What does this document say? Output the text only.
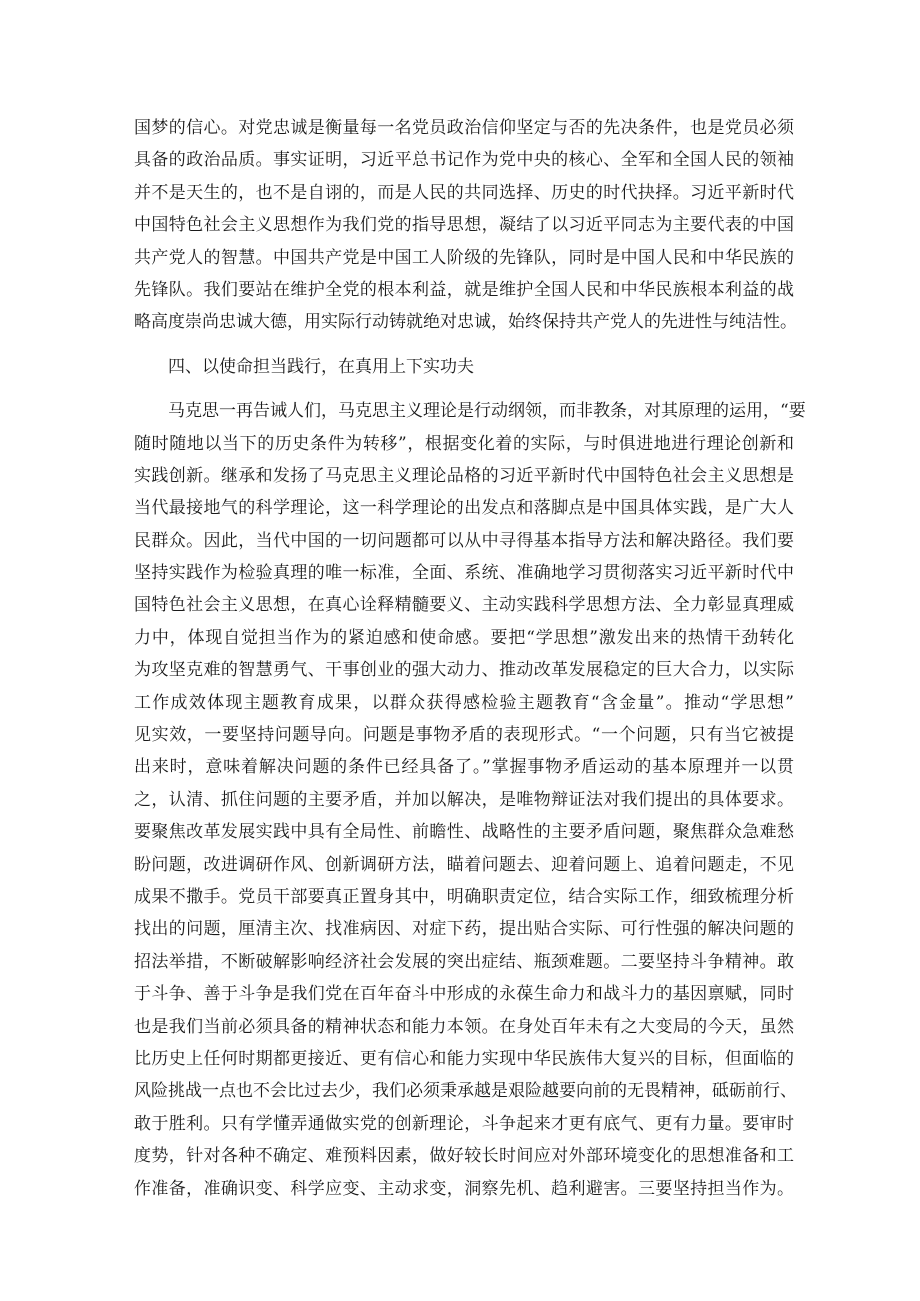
国梦的信心。对党忠诚是衡量每一名党员政治信仰坚定与否的先决条件，也是党员必须
具备的政治品质。事实证明，习近平总书记作为党中央的核心、全军和全国人民的领袖
并不是天生的，也不是自诩的，而是人民的共同选择、历史的时代抉择。习近平新时代
中国特色社会主义思想作为我们党的指导思想，凝结了以习近平同志为主要代表的中国
共产党人的智慧。中国共产党是中国工人阶级的先锋队，同时是中国人民和中华民族的
先锋队。我们要站在维护全党的根本利益，就是维护全国人民和中华民族根本利益的战
略高度崇尚忠诚大德，用实际行动铸就绝对忠诚，始终保持共产党人的先进性与纯洁性。
四、以使命担当践行，在真用上下实功夫
马克思一再告诫人们，马克思主义理论是行动纲领，而非教条，对其原理的运用，“要
随时随地以当下的历史条件为转移”，根据变化着的实际，与时俱进地进行理论创新和
实践创新。继承和发扬了马克思主义理论品格的习近平新时代中国特色社会主义思想是
当代最接地气的科学理论，这一科学理论的出发点和落脚点是中国具体实践，是广大人
民群众。因此，当代中国的一切问题都可以从中寻得基本指导方法和解决路径。我们要
坚持实践作为检验真理的唯一标准，全面、系统、准确地学习贯彻落实习近平新时代中
国特色社会主义思想，在真心诠释精髓要义、主动实践科学思想方法、全力彰显真理威
力中，体现自觉担当作为的紧迫感和使命感。要把“学思想”激发出来的热情干劲转化
为攻坚克难的智慧勇气、干事创业的强大动力、推动改革发展稳定的巨大合力，以实际
工作成效体现主题教育成果，以群众获得感检验主题教育“含金量”。推动“学思想”
见实效，一要坚持问题导向。问题是事物矛盾的表现形式。“一个问题，只有当它被提
出来时，意味着解决问题的条件已经具备了。”掌握事物矛盾运动的基本原理并一以贯
之，认清、抓住问题的主要矛盾，并加以解决，是唯物辩证法对我们提出的具体要求。
要聚焦改革发展实践中具有全局性、前瞻性、战略性的主要矛盾问题，聚焦群众急难愁
盼问题，改进调研作风、创新调研方法，瞄着问题去、迎着问题上、追着问题走，不见
成果不撒手。党员干部要真正置身其中，明确职责定位，结合实际工作，细致梳理分析
找出的问题，厘清主次、找准病因、对症下药，提出贴合实际、可行性强的解决问题的
招法举措，不断破解影响经济社会发展的突出症结、瓶颈难题。二要坚持斗争精神。敢
于斗争、善于斗争是我们党在百年奋斗中形成的永葆生命力和战斗力的基因禀赋，同时
也是我们当前必须具备的精神状态和能力本领。在身处百年未有之大变局的今天，虽然
比历史上任何时期都更接近、更有信心和能力实现中华民族伟大复兴的目标，但面临的
风险挑战一点也不会比过去少，我们必须秉承越是艰险越要向前的无畏精神，砥砺前行、
敢于胜利。只有学懂弄通做实党的创新理论，斗争起来才更有底气、更有力量。要审时
度势，针对各种不确定、难预料因素，做好较长时间应对外部环境变化的思想准备和工
作准备，准确识变、科学应变、主动求变，洞察先机、趋利避害。三要坚持担当作为。
